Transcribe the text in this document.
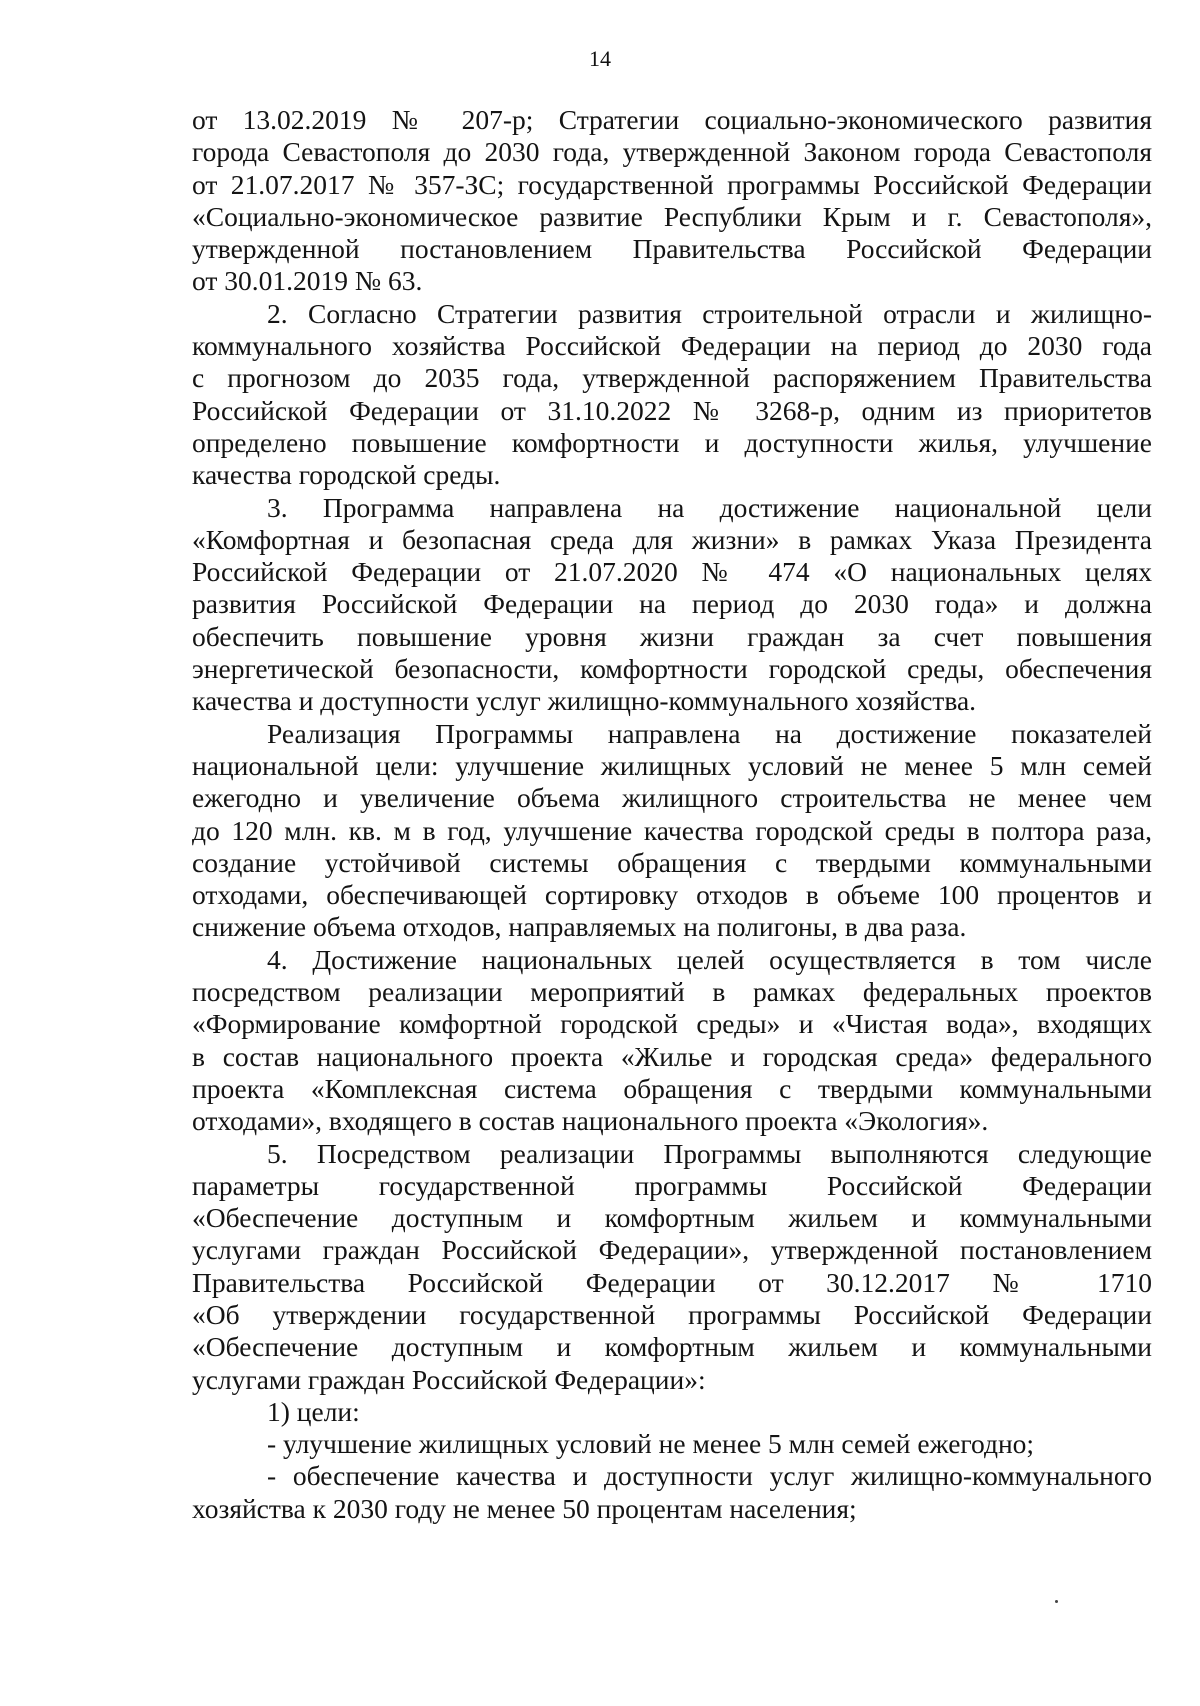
14
от 13.02.2019 № 207-р; Стратегии социально-экономического развития
города Севастополя до 2030 года, утвержденной Законом города Севастополя
от 21.07.2017 № 357-ЗС; государственной программы Российской Федерации
«Социально-экономическое развитие Республики Крым и г. Севастополя»,
утвержденной постановлением Правительства Российской Федерации
от 30.01.2019 № 63.
2. Согласно Стратегии развития строительной отрасли и жилищно-
коммунального хозяйства Российской Федерации на период до 2030 года
с прогнозом до 2035 года, утвержденной распоряжением Правительства
Российской Федерации от 31.10.2022 № 3268-р, одним из приоритетов
определено повышение комфортности и доступности жилья, улучшение
качества городской среды.
3. Программа направлена на достижение национальной цели
«Комфортная и безопасная среда для жизни» в рамках Указа Президента
Российской Федерации от 21.07.2020 № 474 «О национальных целях
развития Российской Федерации на период до 2030 года» и должна
обеспечить повышение уровня жизни граждан за счет повышения
энергетической безопасности, комфортности городской среды, обеспечения
качества и доступности услуг жилищно-коммунального хозяйства.
Реализация Программы направлена на достижение показателей
национальной цели: улучшение жилищных условий не менее 5 млн семей
ежегодно и увеличение объема жилищного строительства не менее чем
до 120 млн. кв. м в год, улучшение качества городской среды в полтора раза,
создание устойчивой системы обращения с твердыми коммунальными
отходами, обеспечивающей сортировку отходов в объеме 100 процентов и
снижение объема отходов, направляемых на полигоны, в два раза.
4. Достижение национальных целей осуществляется в том числе
посредством реализации мероприятий в рамках федеральных проектов
«Формирование комфортной городской среды» и «Чистая вода», входящих
в состав национального проекта «Жилье и городская среда» федерального
проекта «Комплексная система обращения с твердыми коммунальными
отходами», входящего в состав национального проекта «Экология».
5. Посредством реализации Программы выполняются следующие
параметры государственной программы Российской Федерации
«Обеспечение доступным и комфортным жильем и коммунальными
услугами граждан Российской Федерации», утвержденной постановлением
Правительства Российской Федерации от 30.12.2017 № 1710
«Об утверждении государственной программы Российской Федерации
«Обеспечение доступным и комфортным жильем и коммунальными
услугами граждан Российской Федерации»:
1) цели:
- улучшение жилищных условий не менее 5 млн семей ежегодно;
- обеспечение качества и доступности услуг жилищно-коммунального
хозяйства к 2030 году не менее 50 процентам населения;
